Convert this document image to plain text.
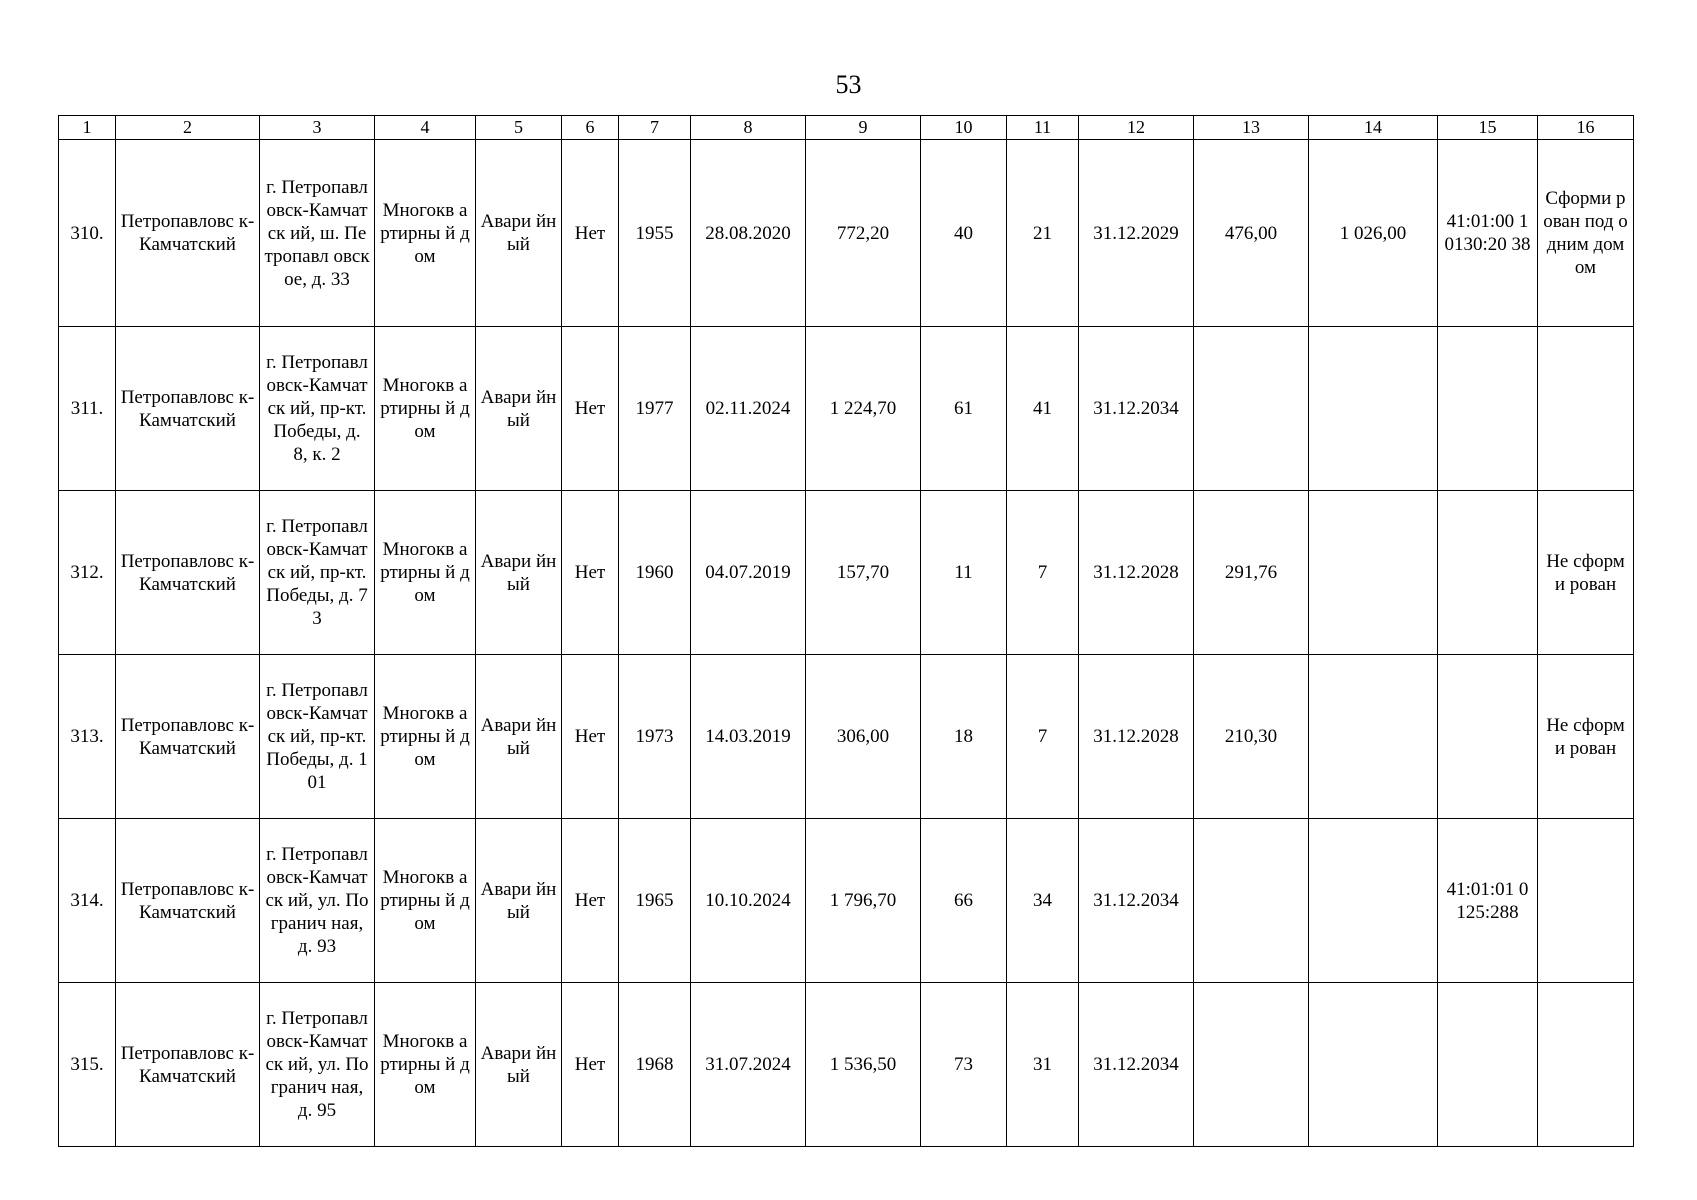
53
1	2	3	4	5	6	7	8	9	10	11	12	13	14	15	16
310.	Петропавловс к-Камчатский	г. Петропавл овск-Камчатск ий, ш. Петропавл овское, д. 33	Многокв артирны й дом	Авари йный	Нет	1955	28.08.2020	772,20	40	21	31.12.2029	476,00	1 026,00	41:01:00 10130:20 38	Сформи рован под одним домом
311.	Петропавловс к-Камчатский	г. Петропавл овск-Камчатск ий, пр-кт. Победы, д. 8, к. 2	Многокв артирны й дом	Авари йный	Нет	1977	02.11.2024	1 224,70	61	41	31.12.2034				
312.	Петропавловс к-Камчатский	г. Петропавл овск-Камчатск ий, пр-кт. Победы, д. 73	Многокв артирны й дом	Авари йный	Нет	1960	04.07.2019	157,70	11	7	31.12.2028	291,76			Не сформи рован
313.	Петропавловс к-Камчатский	г. Петропавл овск-Камчатск ий, пр-кт. Победы, д. 101	Многокв артирны й дом	Авари йный	Нет	1973	14.03.2019	306,00	18	7	31.12.2028	210,30			Не сформи рован
314.	Петропавловс к-Камчатский	г. Петропавл овск-Камчатск ий, ул. Погранич ная, д. 93	Многокв артирны й дом	Авари йный	Нет	1965	10.10.2024	1 796,70	66	34	31.12.2034			41:01:01 0125:288	
315.	Петропавловс к-Камчатский	г. Петропавл овск-Камчатск ий, ул. Погранич ная, д. 95	Многокв артирны й дом	Авари йный	Нет	1968	31.07.2024	1 536,50	73	31	31.12.2034				
